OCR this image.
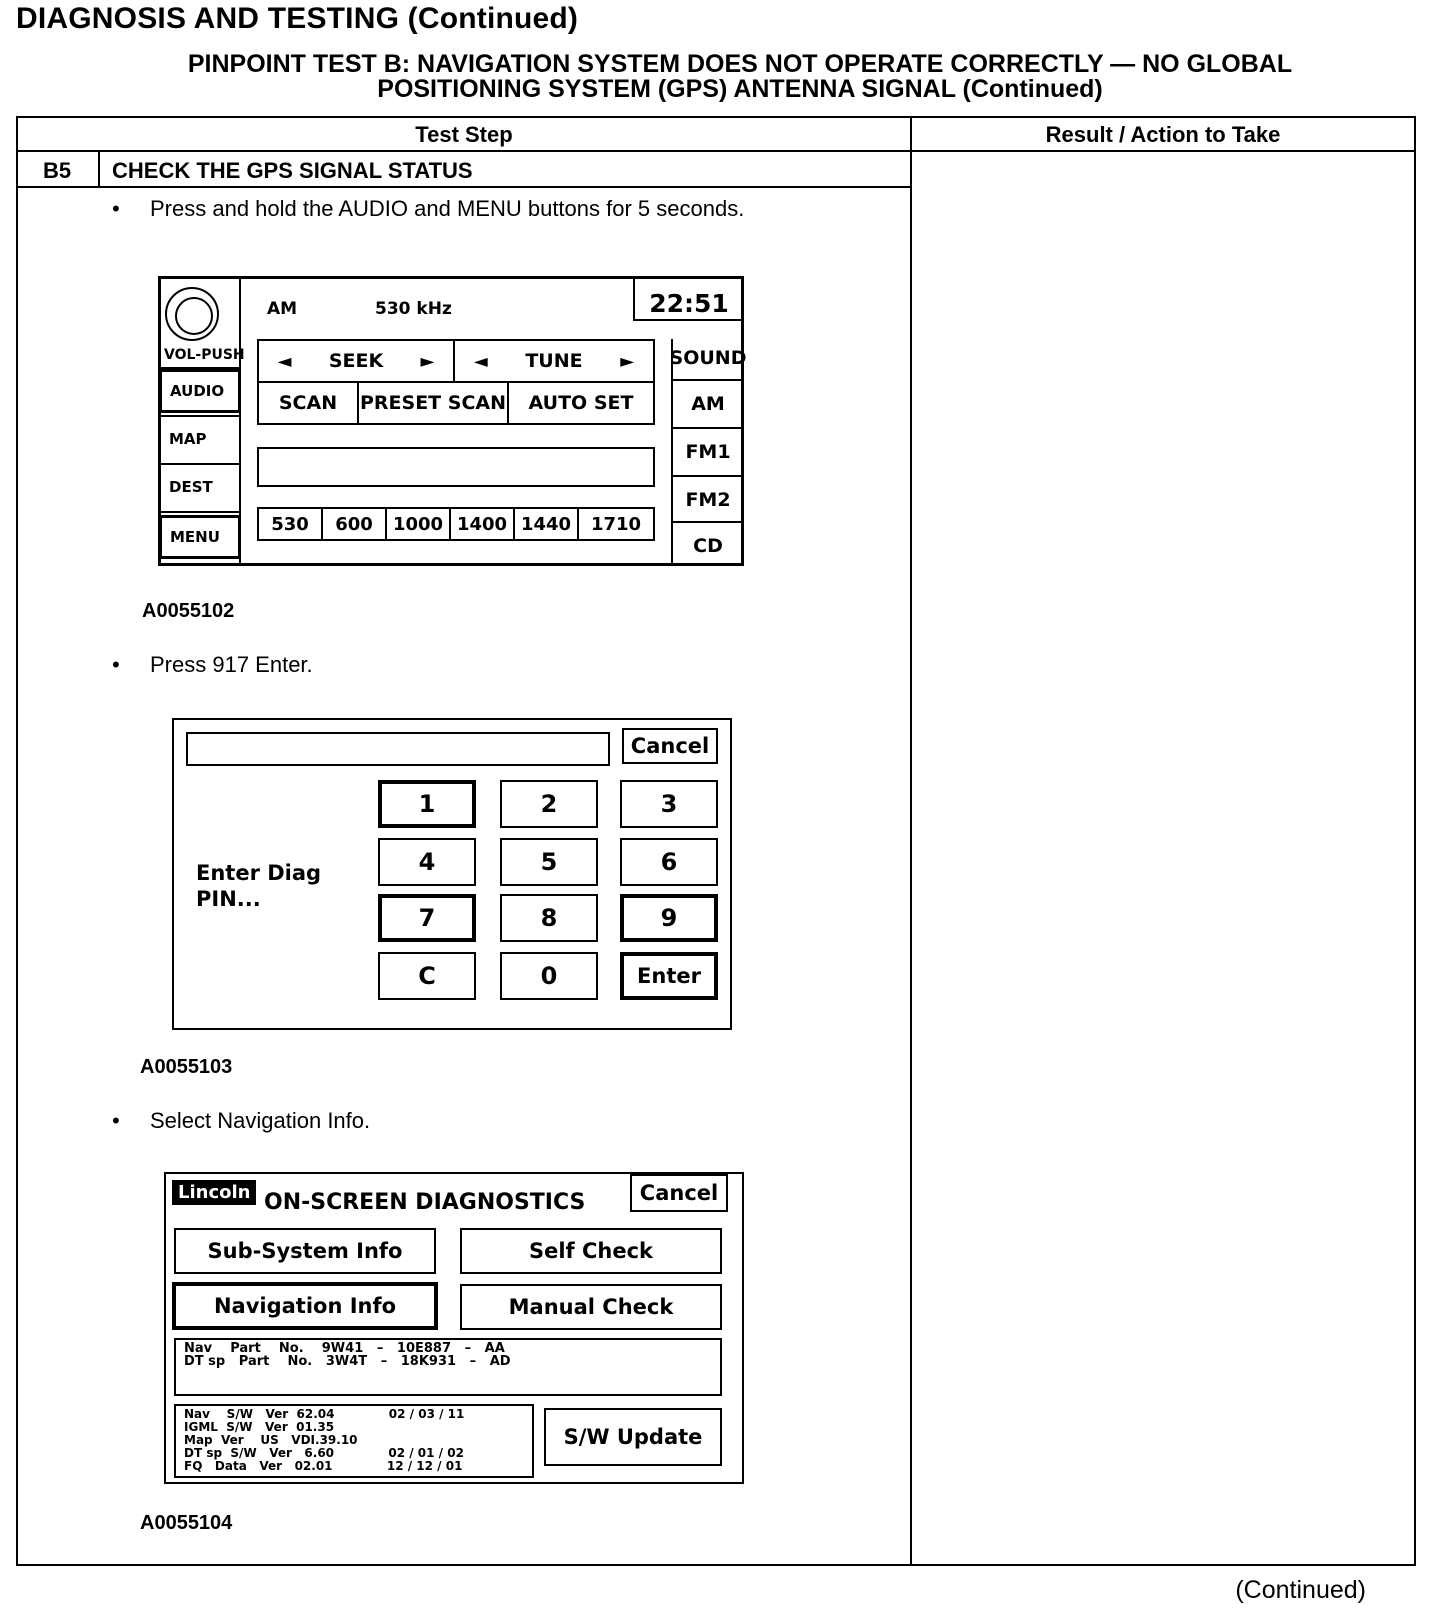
DIAGNOSIS AND TESTING (Continued)
PINPOINT TEST B: NAVIGATION SYSTEM DOES NOT OPERATE CORRECTLY — NO GLOBAL
POSITIONING SYSTEM (GPS) ANTENNA SIGNAL (Continued)
Test Step	Result / Action to Take
B5	CHECK THE GPS SIGNAL STATUS
• Press and hold the AUDIO and MENU buttons for 5 seconds.
VOL-PUSH
AUDIO
MAP
DEST
MENU
AM	530 kHz	22:51
◄ SEEK ► ◄ TUNE ►
SCAN	PRESET SCAN	AUTO SET
530	600	1000 1400 1440	1710
SOUND
AM
FM1
FM2
CD
A0055102
• Press 917 Enter.
Cancel
Enter Diag
PIN...
1	2	3
4	5	6
7	8	9
C	0	Enter
A0055103
• Select Navigation Info.
Lincoln ON-SCREEN DIAGNOSTICS	Cancel
Sub-System Info	Self Check
Navigation Info	Manual Check
Nav    Part    No.    9W41   –   10E887   –   AA
DT sp   Part    No.   3W4T   –   18K931   –   AD
Nav    S/W   Ver  62.04             02 / 03 / 11
IGML  S/W   Ver  01.35
Map  Ver    US   VDI.39.10
DT sp  S/W   Ver   6.60             02 / 01 / 02
FQ   Data   Ver   02.01             12 / 12 / 01
S/W Update
A0055104
(Continued)
